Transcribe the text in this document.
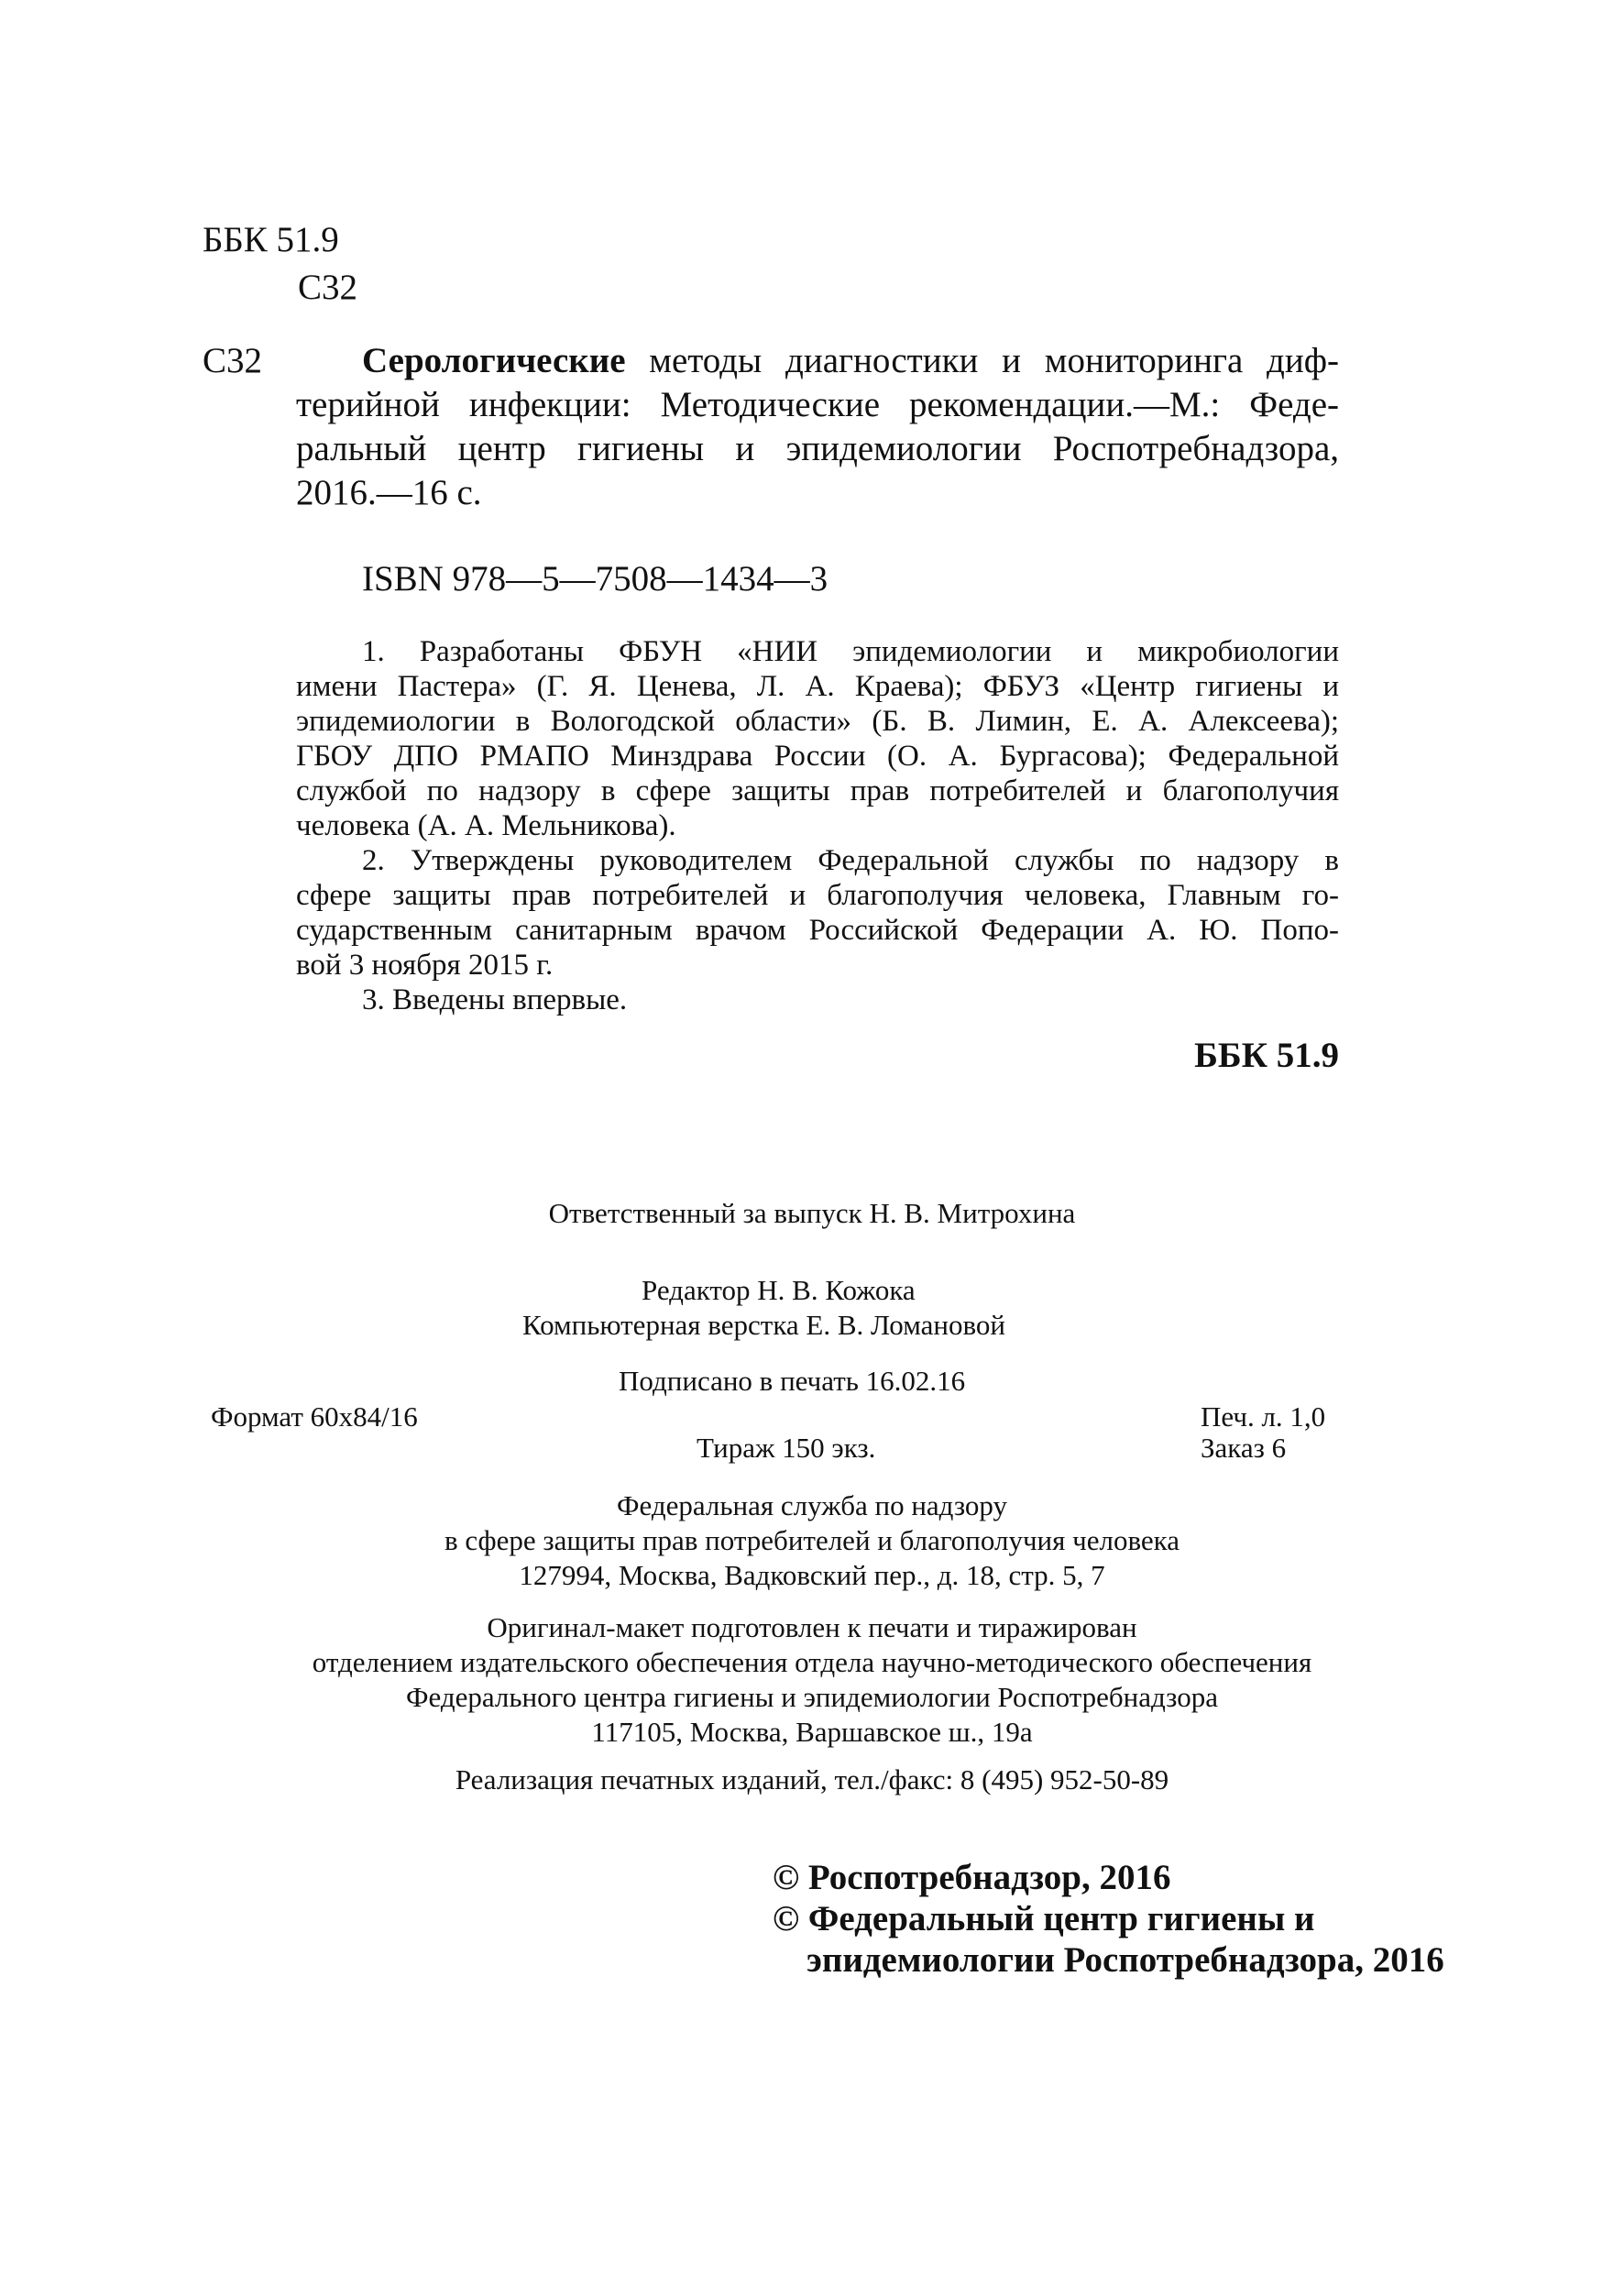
ББК 51.9
С32
С32	Серологические методы диагностики и мониторинга диф-
терийной инфекции: Методические рекомендации.—М.: Феде-
ральный центр гигиены и эпидемиологии Роспотребнадзора,
2016.—16 с.
ISBN 978—5—7508—1434—3
1. Разработаны ФБУН «НИИ эпидемиологии и микробиологии
имени Пастера» (Г. Я. Ценева, Л. А. Краева); ФБУЗ «Центр гигиены и
эпидемиологии в Вологодской области» (Б. В. Лимин, Е. А. Алексеева);
ГБОУ ДПО РМАПО Минздрава России (О. А. Бургасова); Федеральной
службой по надзору в сфере защиты прав потребителей и благополучия
человека (А. А. Мельникова).
2. Утверждены руководителем Федеральной службы по надзору в
сфере защиты прав потребителей и благополучия человека, Главным го-
сударственным санитарным врачом Российской Федерации А. Ю. Попо-
вой 3 ноября 2015 г.
3. Введены впервые.
ББК 51.9
Ответственный за выпуск Н. В. Митрохина
Редактор Н. В. Кожока
Компьютерная верстка Е. В. Ломановой
Подписано в печать 16.02.16
Формат 60x84/16	Печ. л. 1,0
Тираж 150 экз.	Заказ 6
Федеральная служба по надзору
в сфере защиты прав потребителей и благополучия человека
127994, Москва, Вадковский пер., д. 18, стр. 5, 7
Оригинал-макет подготовлен к печати и тиражирован
отделением издательского обеспечения отдела научно-методического обеспечения
Федерального центра гигиены и эпидемиологии Роспотребнадзора
117105, Москва, Варшавское ш., 19а
Реализация печатных изданий, тел./факс: 8 (495) 952-50-89
© Роспотребнадзор, 2016
© Федеральный центр гигиены и
эпидемиологии Роспотребнадзора, 2016
